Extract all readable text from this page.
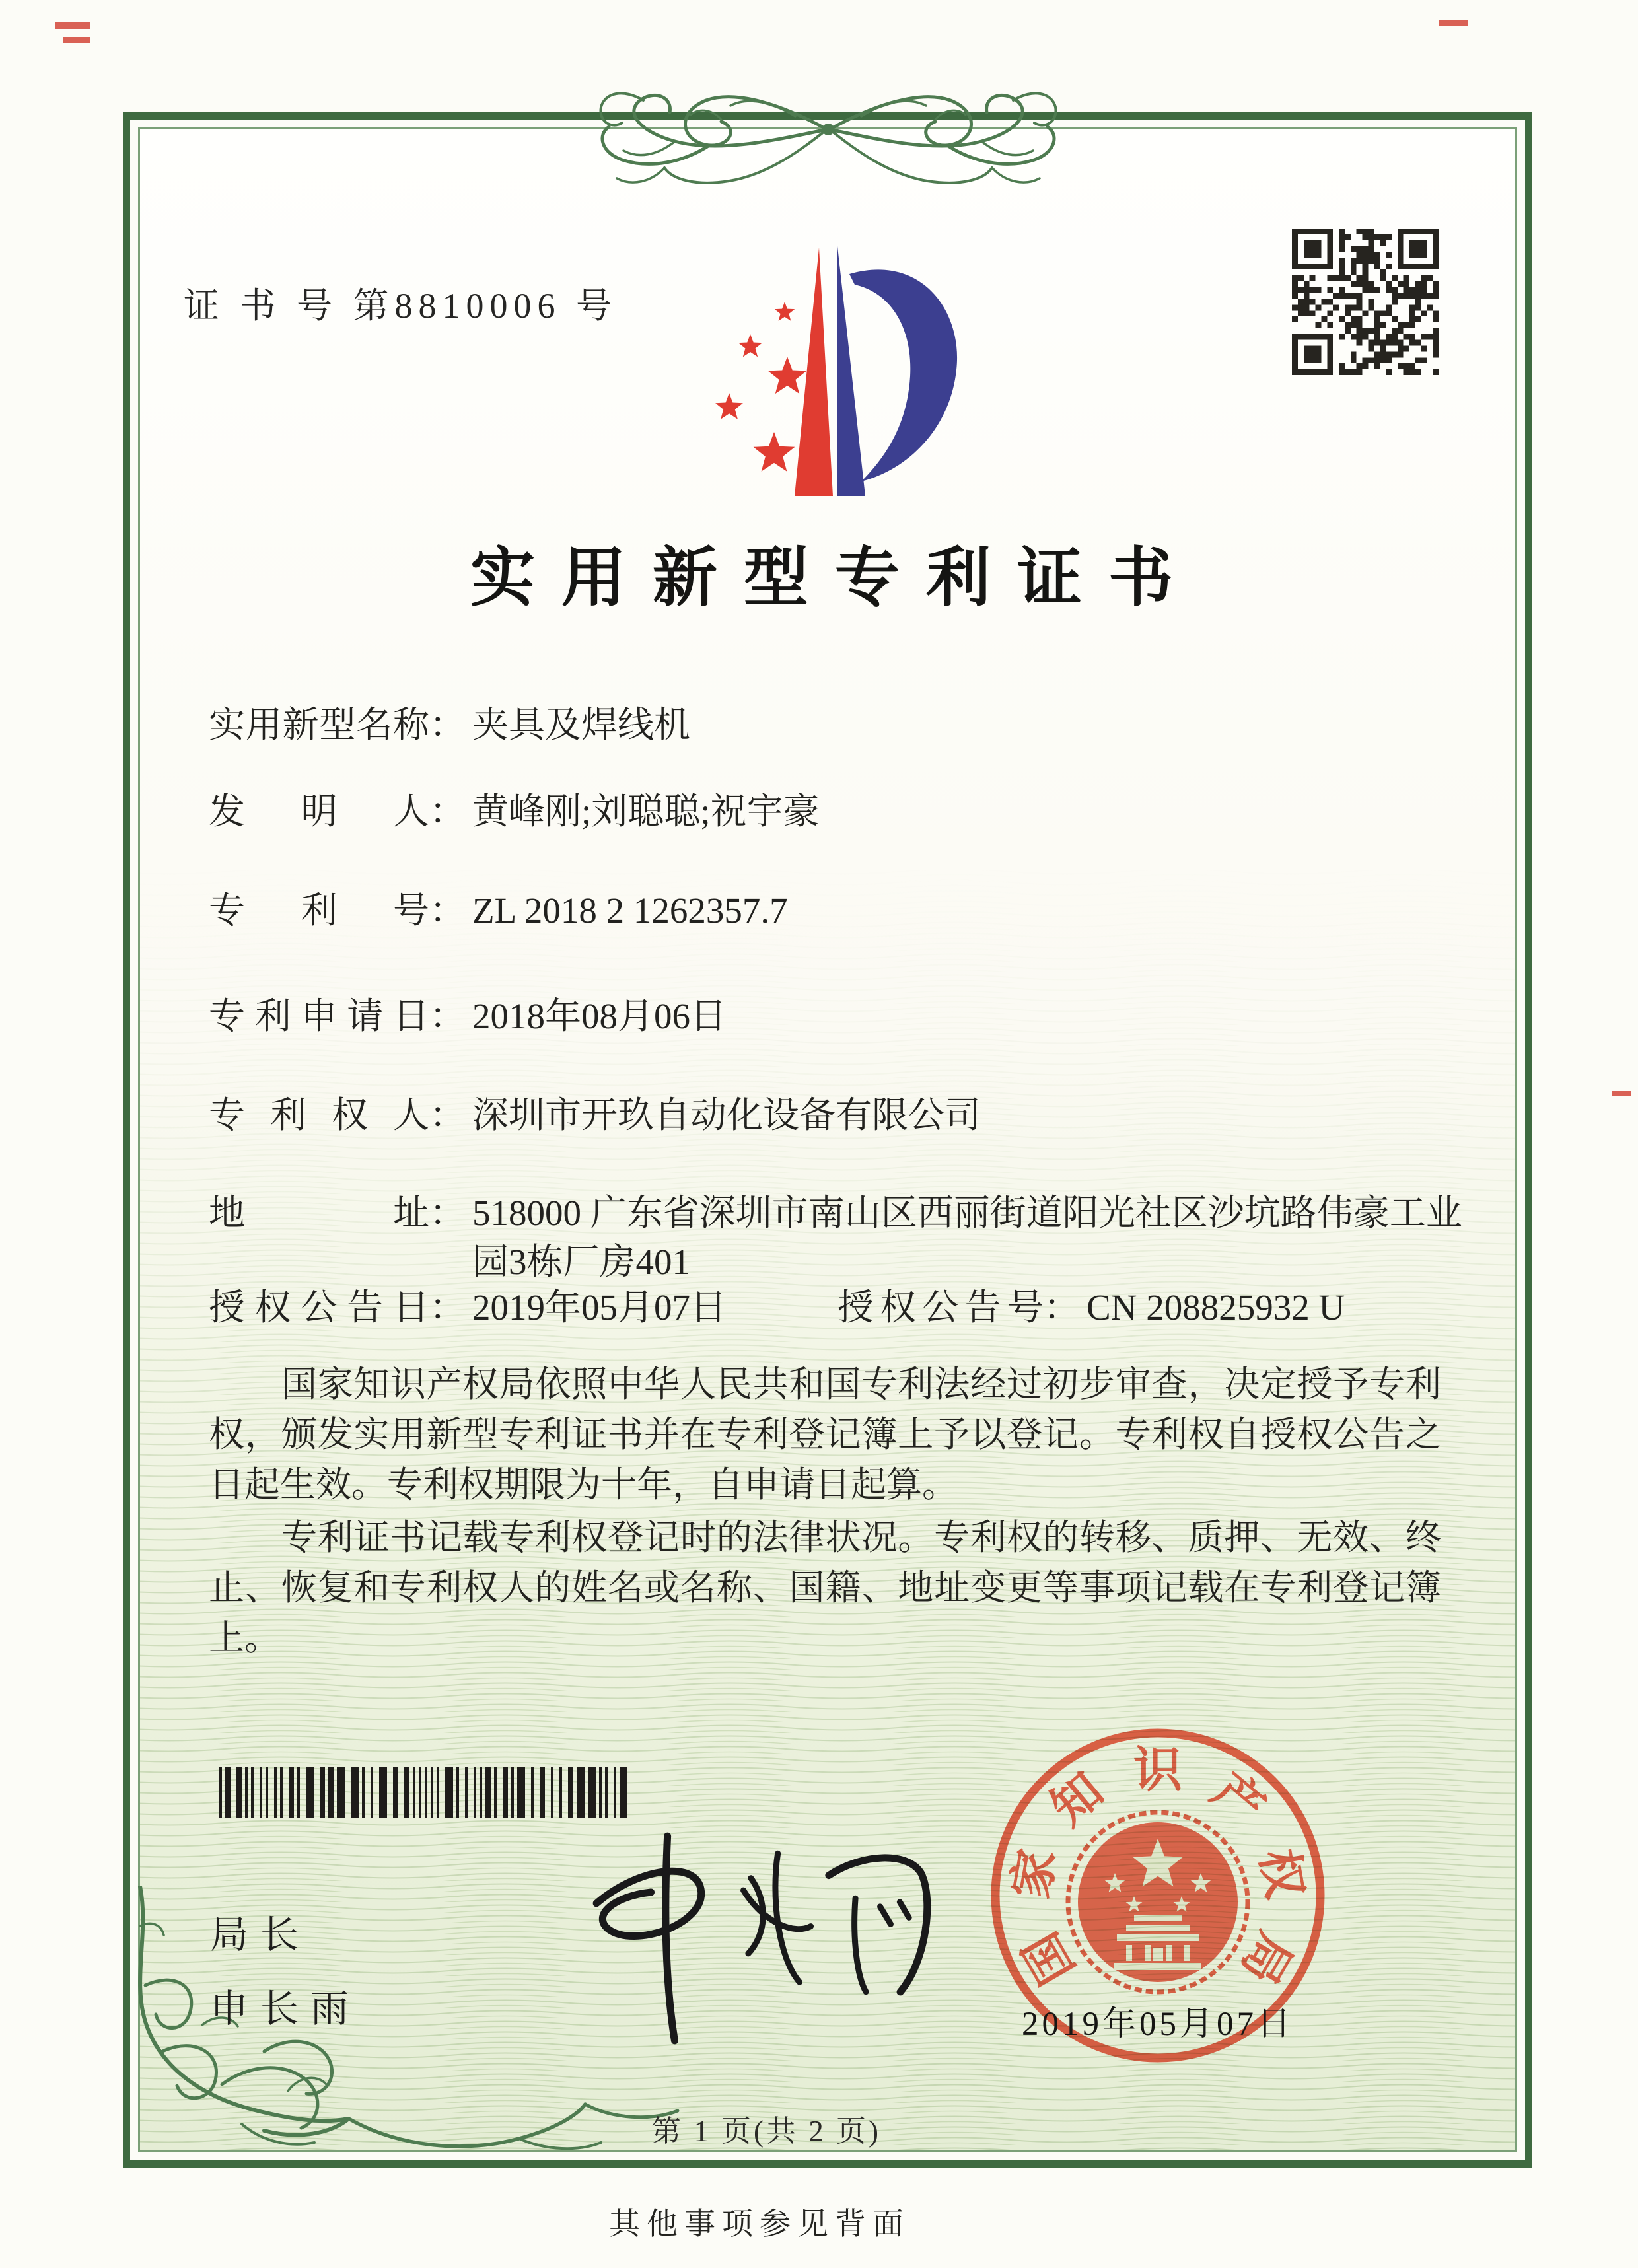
证 书 号 第8810006 号
实用新型专利证书
实 用 新 型 名 称 ： 夹具及焊线机
发 明 人 ： 黄峰刚;刘聪聪;祝宇豪
专 利 号 ： ZL 2018 2 1262357.7
专 利 申 请 日 ： 2018年08月06日
专 利 权 人 ： 深圳市开玖自动化设备有限公司
地	址 ： 518000 广东省深圳市南山区西丽街道阳光社区沙坑路伟豪工业园3栋厂房401
授 权 公 告 日 ： 2019年05月07日	授 权 公 告 号 ： CN 208825932 U

国家知识产权局依照中华人民共和国专利法经过初步审查，决定授予专利权，颁发实用新型专利证书并在专利登记簿上予以登记。专利权自授权公告之日起生效。专利权期限为十年，自申请日起算。

专利证书记载专利权登记时的法律状况。专利权的转移、质押、无效、终止、恢复和专利权人的姓名或名称、国籍、地址变更等事项记载在专利登记簿上。

局长
申长雨
国
家
知 识 产
权
局
2019年05月07日
第 1 页(共 2 页)
其他事项参见背面
